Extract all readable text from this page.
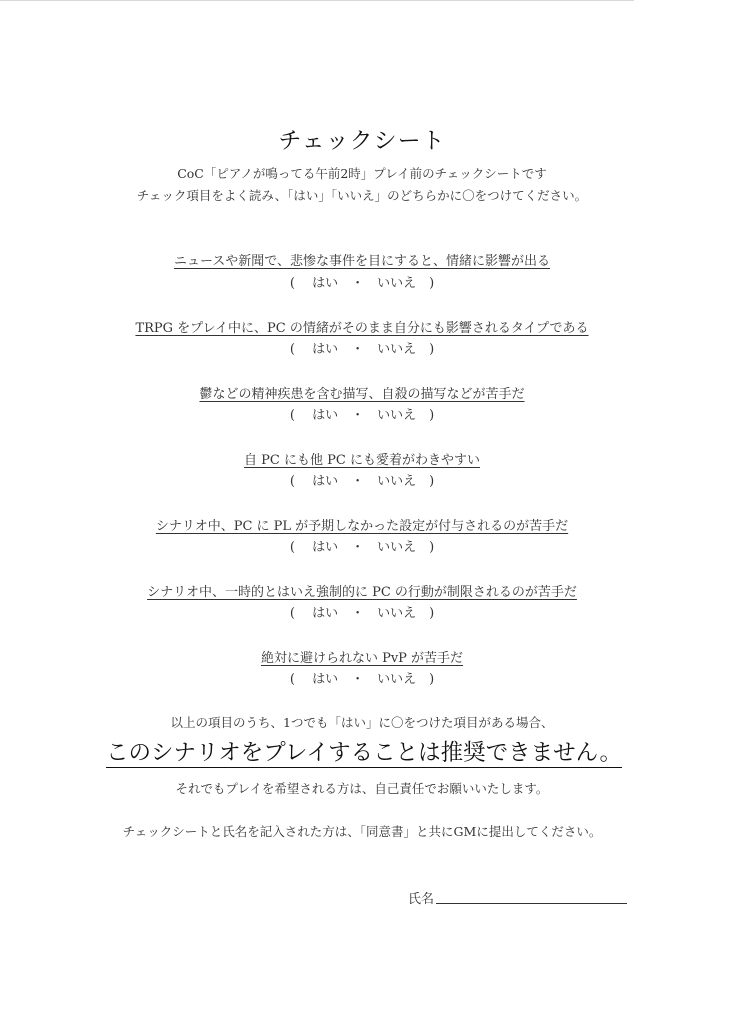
チェックシート
CoC「ピアノが鳴ってる午前2時」プレイ前のチェックシートです
チェック項目をよく読み、「はい」「いいえ」のどちらかに〇をつけてください。
ニュースや新聞で、悲惨な事件を目にすると、情緒に影響が出る
(　 はい　・　いいえ　)
TRPG をプレイ中に、PC の情緒がそのまま自分にも影響されるタイプである
(　 はい　・　いいえ　)
鬱などの精神疾患を含む描写、自殺の描写などが苦手だ
(　 はい　・　いいえ　)
自 PC にも他 PC にも愛着がわきやすい
(　 はい　・　いいえ　)
シナリオ中、PC に PL が予期しなかった設定が付与されるのが苦手だ
(　 はい　・　いいえ　)
シナリオ中、一時的とはいえ強制的に PC の行動が制限されるのが苦手だ
(　 はい　・　いいえ　)
絶対に避けられない PvP が苦手だ
(　 はい　・　いいえ　)
以上の項目のうち、1つでも「はい」に〇をつけた項目がある場合、
このシナリオをプレイすることは推奨できません。
それでもプレイを希望される方は、自己責任でお願いいたします。
チェックシートと氏名を記入された方は、「同意書」と共にGMに提出してください。
氏名
